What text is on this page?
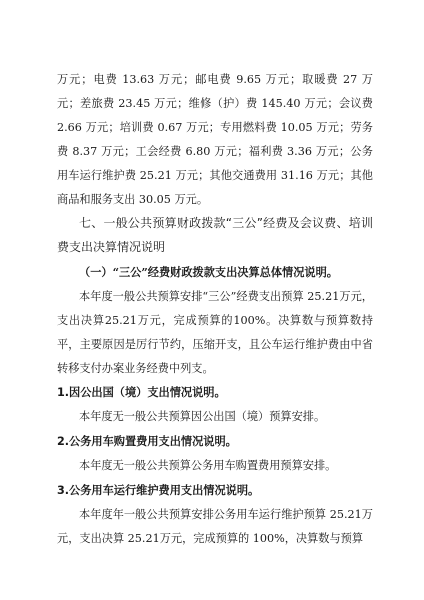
万元；电费 13.63 万元；邮电费 9.65 万元；取暖费 27 万元；差旅费 23.45 万元；维修（护）费 145.40 万元；会议费 2.66 万元；培训费 0.67 万元；专用燃料费 10.05 万元；劳务费 8.37 万元；工会经费 6.80 万元；福利费 3.36 万元；公务用车运行维护费 25.21 万元；其他交通费用 31.16 万元；其他商品和服务支出 30.05 万元。

七、一般公共预算财政拨款“三公”经费及会议费、培训费支出决算情况说明

（一）“三公”经费财政拨款支出决算总体情况说明。

本年度一般公共预算安排“三公”经费支出预算 25.21万元，支出决算25.21万元，完成预算的100%。决算数与预算数持平，主要原因是厉行节约，压缩开支，且公车运行维护费由中省转移支付办案业务经费中列支。

1.因公出国（境）支出情况说明。

本年度无一般公共预算因公出国（境）预算安排。

2.公务用车购置费用支出情况说明。

本年度无一般公共预算公务用车购置费用预算安排。

3.公务用车运行维护费用支出情况说明。

本年度年一般公共预算安排公务用车运行维护预算 25.21万元，支出决算 25.21万元，完成预算的 100%，决算数与预算
